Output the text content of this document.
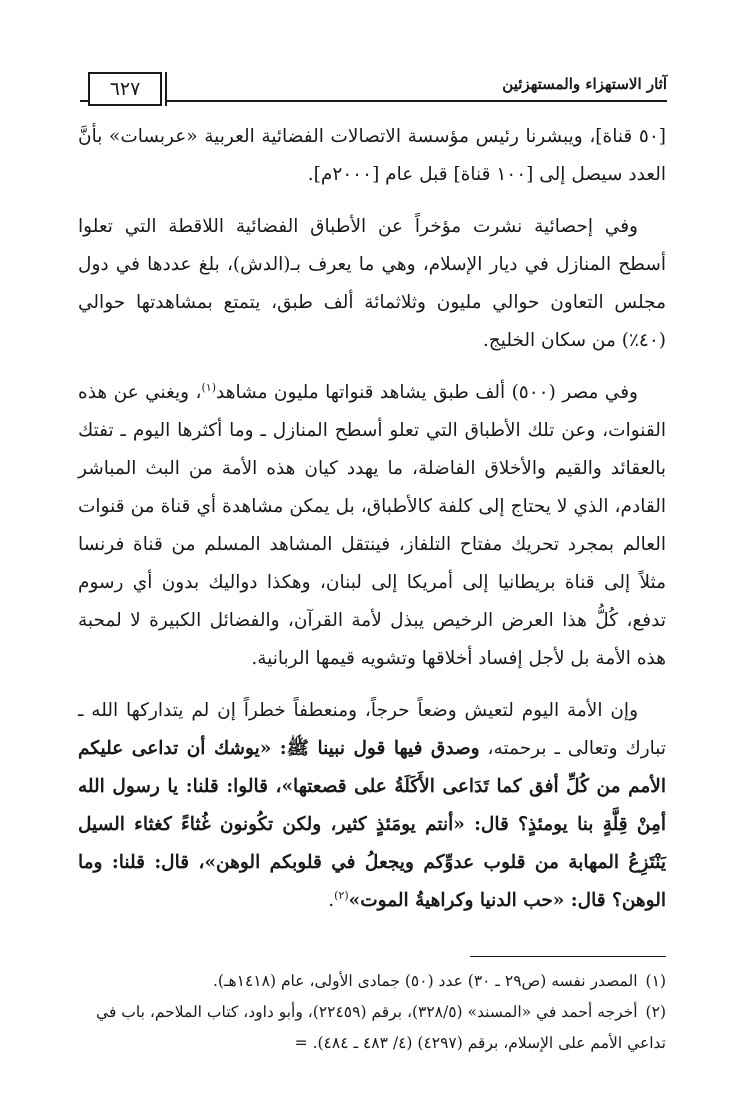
٦٢٧	آثار الاستهزاء والمستهزئين

[٥٠ قناة]، ويبشرنا رئيس مؤسسة الاتصالات الفضائية العربية «عربسات» بأنَّ العدد سيصل إلى [١٠٠ قناة] قبل عام [٢٠٠٠م].

وفي إحصائية نشرت مؤخراً عن الأطباق الفضائية اللاقطة التي تعلوا أسطح المنازل في ديار الإسلام، وهي ما يعرف بـ(الدش)، بلغ عددها في دول مجلس التعاون حوالي مليون وثلاثمائة ألف طبق، يتمتع بمشاهدتها حوالي (٤٠٪) من سكان الخليج.

وفي مصر (٥٠٠) ألف طبق يشاهد قنواتها مليون مشاهد$^{(١)}$، ويغني عن هذه القنوات، وعن تلك الأطباق التي تعلو أسطح المنازل ـ وما أكثرها اليوم ـ تفتك بالعقائد والقيم والأخلاق الفاضلة، ما يهدد كيان هذه الأمة من البث المباشر القادم، الذي لا يحتاج إلى كلفة كالأطباق، بل يمكن مشاهدة أي قناة من قنوات العالم بمجرد تحريك مفتاح التلفاز، فينتقل المشاهد المسلم من قناة فرنسا مثلاً إلى قناة بريطانيا إلى أمريكا إلى لبنان، وهكذا دواليك بدون أي رسوم تدفع، كُلُّ هذا العرض الرخيص يبذل لأمة القرآن، والفضائل الكبيرة لا لمحبة هذه الأمة بل لأجل إفساد أخلاقها وتشويه قيمها الربانية.

وإن الأمة اليوم لتعيش وضعاً حرجاً، ومنعطفاً خطراً إن لم يتداركها الله ـ تبارك وتعالى ـ برحمته، وصدق فيها قول نبينا ﷺ: «يوشك أن تداعى عليكم الأمم من كُلِّ أفق كما تَدَاعى الأَكَلَةُ على قصعتها»، قالوا: قلنا: يا رسول الله أمِنْ قِلَّةٍ بنا يومئذٍ؟ قال: «أنتم يومَئذٍ كثير، ولكن تكُونون غُثاءً كغثاء السيل يَنْتَزِعُ المهابة من قلوب عدوِّكم ويجعلُ في قلوبكم الوهن»، قال: قلنا: وما الوهن؟ قال: «حب الدنيا وكراهيةُ الموت»$^{(٢)}$.

(١)المصدر نفسه (ص٢٩ ـ ٣٠) عدد (٥٠) جمادى الأولى، عام (١٤١٨هـ).

(٢)أخرجه أحمد في «المسند» (٣٢٨/٥)، برقم (٢٢٤٥٩)، وأبو داود، كتاب الملاحم، باب في تداعي الأمم على الإسلام، برقم (٤٢٩٧) (٤/ ٤٨٣ ـ ٤٨٤). =
